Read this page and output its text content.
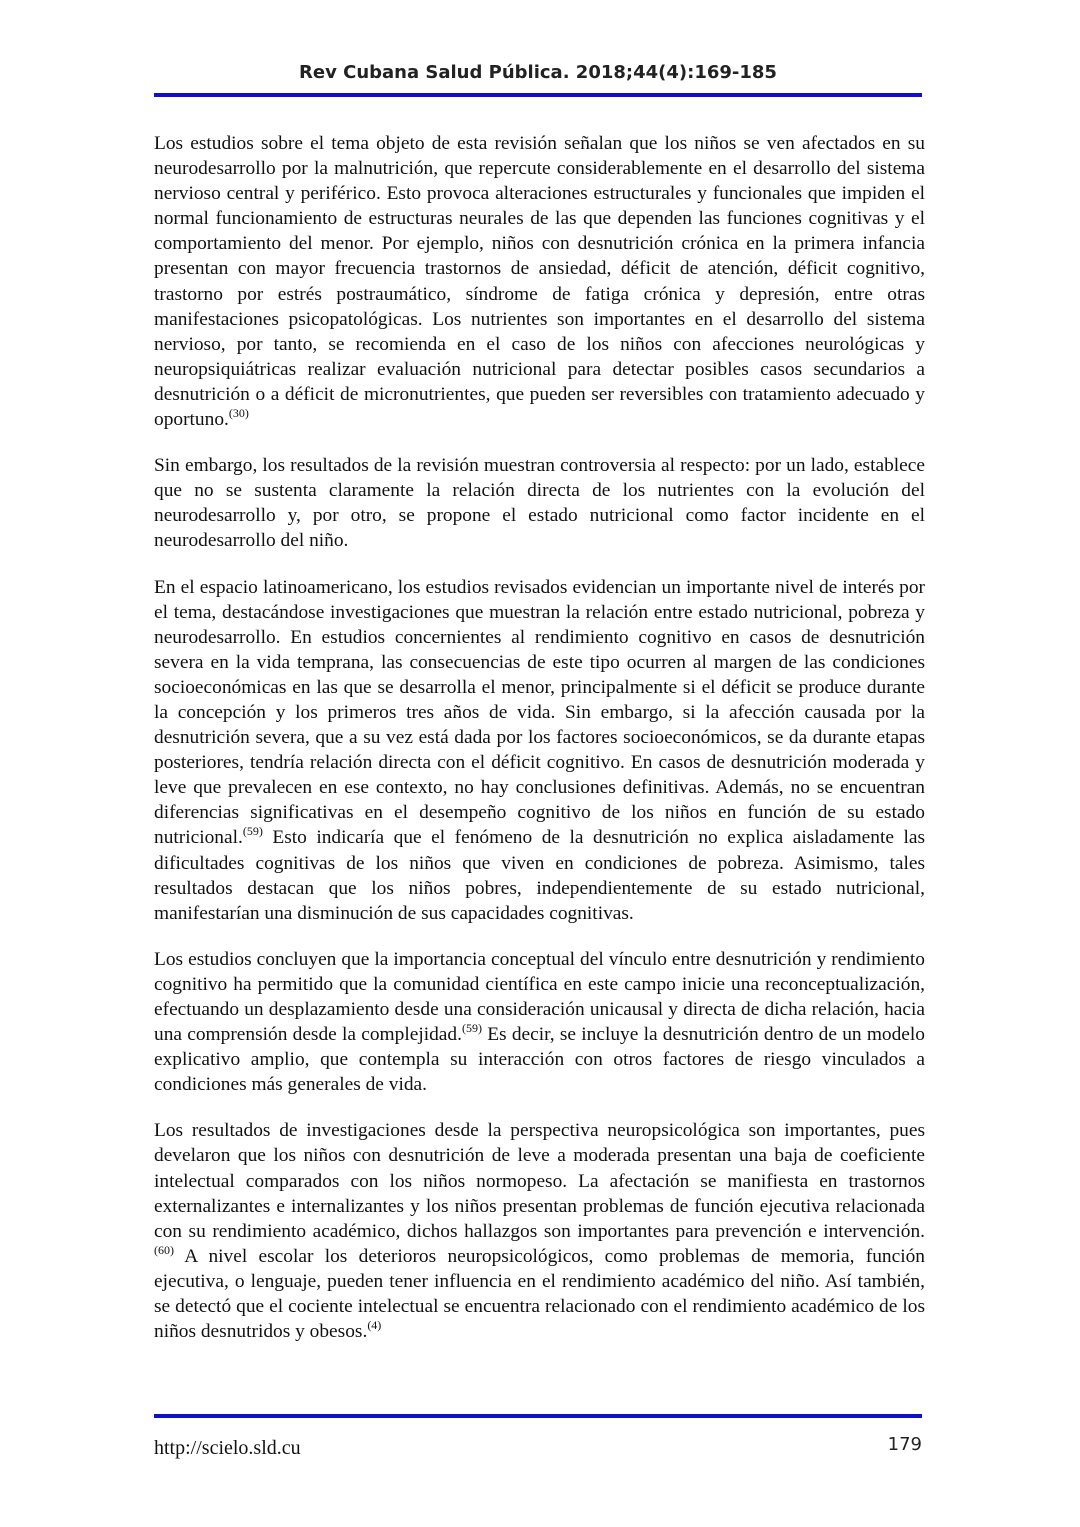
Rev Cubana Salud Pública. 2018;44(4):169-185

Los estudios sobre el tema objeto de esta revisión señalan que los niños se ven afectados en su neurodesarrollo por la malnutrición, que repercute considerablemente en el desarrollo del sistema nervioso central y periférico. Esto provoca alteraciones estructurales y funcionales que impiden el normal funcionamiento de estructuras neurales de las que dependen las funciones cognitivas y el comportamiento del menor. Por ejemplo, niños con desnutrición crónica en la primera infancia presentan con mayor frecuencia trastornos de ansiedad, déficit de atención, déficit cognitivo, trastorno por estrés postraumático, síndrome de fatiga crónica y depresión, entre otras manifestaciones psicopatológicas. Los nutrientes son importantes en el desarrollo del sistema nervioso, por tanto, se recomienda en el caso de los niños con afecciones neurológicas y neuropsiquiátricas realizar evaluación nutricional para detectar posibles casos secundarios a desnutrición o a déficit de micronutrientes, que pueden ser reversibles con tratamiento adecuado y oportuno.$^{(30)}$

Sin embargo, los resultados de la revisión muestran controversia al respecto: por un lado, establece que no se sustenta claramente la relación directa de los nutrientes con la evolución del neurodesarrollo y, por otro, se propone el estado nutricional como factor incidente en el neurodesarrollo del niño.

En el espacio latinoamericano, los estudios revisados evidencian un importante nivel de interés por el tema, destacándose investigaciones que muestran la relación entre estado nutricional, pobreza y neurodesarrollo. En estudios concernientes al rendimiento cognitivo en casos de desnutrición severa en la vida temprana, las consecuencias de este tipo ocurren al margen de las condiciones socioeconómicas en las que se desarrolla el menor, principalmente si el déficit se produce durante la concepción y los primeros tres años de vida. Sin embargo, si la afección causada por la desnutrición severa, que a su vez está dada por los factores socioeconómicos, se da durante etapas posteriores, tendría relación directa con el déficit cognitivo. En casos de desnutrición moderada y leve que prevalecen en ese contexto, no hay conclusiones definitivas. Además, no se encuentran diferencias significativas en el desempeño cognitivo de los niños en función de su estado nutricional.$^{(59)}$ Esto indicaría que el fenómeno de la desnutrición no explica aisladamente las dificultades cognitivas de los niños que viven en condiciones de pobreza. Asimismo, tales resultados destacan que los niños pobres, independientemente de su estado nutricional, manifestarían una disminución de sus capacidades cognitivas.

Los estudios concluyen que la importancia conceptual del vínculo entre desnutrición y rendimiento cognitivo ha permitido que la comunidad científica en este campo inicie una reconceptualización, efectuando un desplazamiento desde una consideración unicausal y directa de dicha relación, hacia una comprensión desde la complejidad.$^{(59)}$ Es decir, se incluye la desnutrición dentro de un modelo explicativo amplio, que contempla su interacción con otros factores de riesgo vinculados a condiciones más generales de vida.

Los resultados de investigaciones desde la perspectiva neuropsicológica son importantes, pues develaron que los niños con desnutrición de leve a moderada presentan una baja de coeficiente intelectual comparados con los niños normopeso. La afectación se manifiesta en trastornos externalizantes e internalizantes y los niños presentan problemas de función ejecutiva relacionada con su rendimiento académico, dichos hallazgos son importantes para prevención e intervención.$^{(60)}$ A nivel escolar los deterioros neuropsicológicos, como problemas de memoria, función ejecutiva, o lenguaje, pueden tener influencia en el rendimiento académico del niño. Así también, se detectó que el cociente intelectual se encuentra relacionado con el rendimiento académico de los niños desnutridos y obesos.$^{(4)}$

http://scielo.sld.cu	179
